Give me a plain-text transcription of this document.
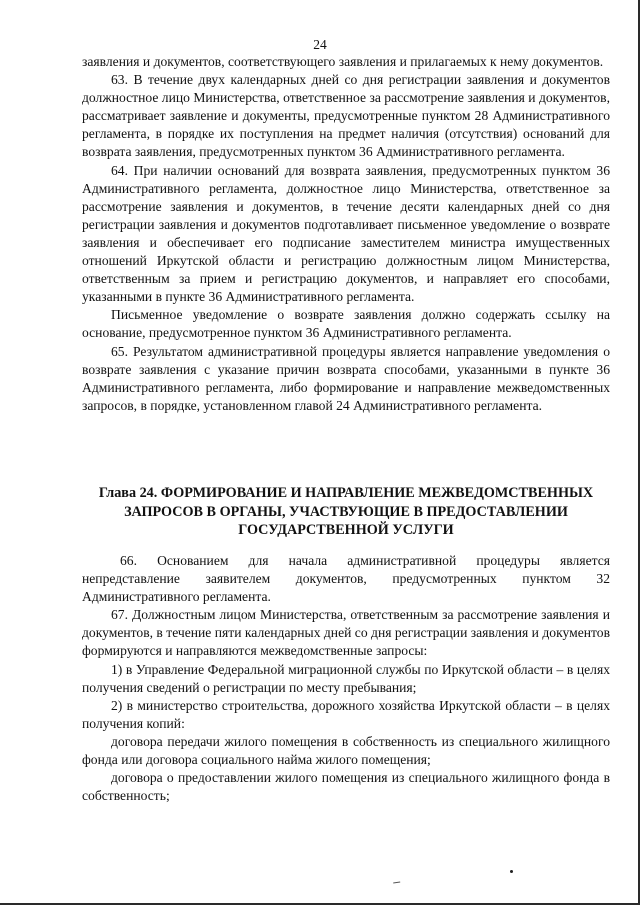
24

заявления и документов, соответствующего заявления и прилагаемых к нему документов.

63. В течение двух календарных дней со дня регистрации заявления и документов должностное лицо Министерства, ответственное за рассмотрение заявления и документов, рассматривает заявление и документы, предусмотренные пунктом 28 Административного регламента, в порядке их поступления на предмет наличия (отсутствия) оснований для возврата заявления, предусмотренных пунктом 36 Административного регламента.

64. При наличии оснований для возврата заявления, предусмотренных пунктом 36 Административного регламента, должностное лицо Министерства, ответственное за рассмотрение заявления и документов, в течение десяти календарных дней со дня регистрации заявления и документов подготавливает письменное уведомление о возврате заявления и обеспечивает его подписание заместителем министра имущественных отношений Иркутской области и регистрацию должностным лицом Министерства, ответственным за прием и регистрацию документов, и направляет его способами, указанными в пункте 36 Административного регламента.

Письменное уведомление о возврате заявления должно содержать ссылку на основание, предусмотренное пунктом 36 Административного регламента.

65. Результатом административной процедуры является направление уведомления о возврате заявления с указание причин возврата способами, указанными в пункте 36 Административного регламента, либо формирование и направление межведомственных запросов, в порядке, установленном главой 24 Административного регламента.

Глава 24. ФОРМИРОВАНИЕ И НАПРАВЛЕНИЕ МЕЖВЕДОМСТВЕННЫХ ЗАПРОСОВ В ОРГАНЫ, УЧАСТВУЮЩИЕ В ПРЕДОСТАВЛЕНИИ ГОСУДАРСТВЕННОЙ УСЛУГИ

66. Основанием для начала административной процедуры является непредставление заявителем документов, предусмотренных пунктом 32 Административного регламента.

67. Должностным лицом Министерства, ответственным за рассмотрение заявления и документов, в течение пяти календарных дней со дня регистрации заявления и документов формируются и направляются межведомственные запросы:

1) в Управление Федеральной миграционной службы по Иркутской области – в целях получения сведений о регистрации по месту пребывания;

2) в министерство строительства, дорожного хозяйства Иркутской области – в целях получения копий:

договора передачи жилого помещения в собственность из специального жилищного фонда или договора социального найма жилого помещения;

договора о предоставлении жилого помещения из специального жилищного фонда в собственность;
